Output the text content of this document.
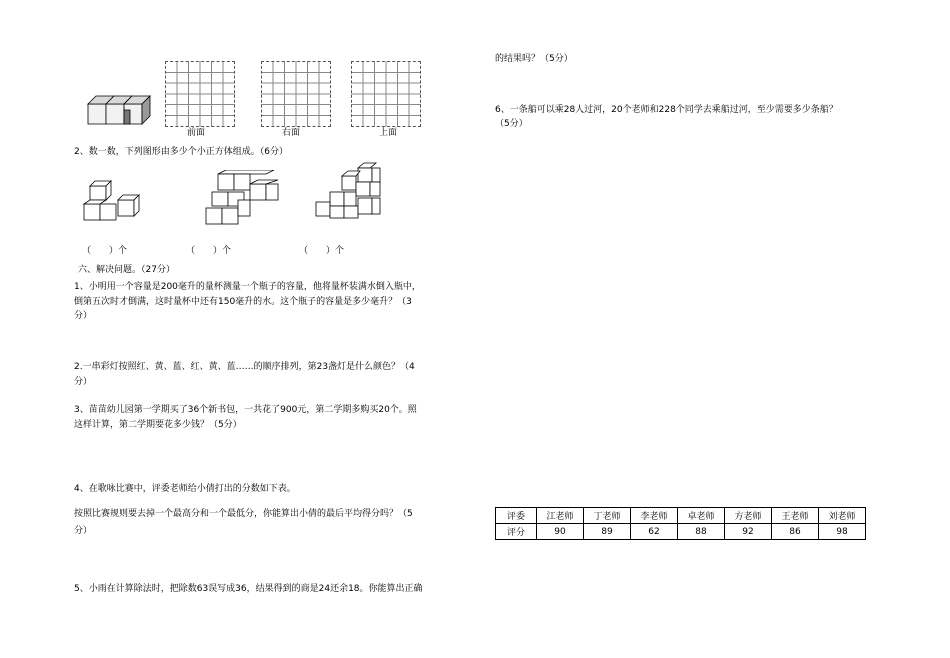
前面	右面	上面
2、数一数，下列图形由多少个小正方体组成。（6分）
（　　）个	（　　）个	（　　）个
六、解决问题。（27分）
1、小明用一个容量是200毫升的量杯测量一个瓶子的容量，他将量杯装满水倒入瓶中，
倒第五次时才倒满，这时量杯中还有150毫升的水。这个瓶子的容量是多少毫升？（3
分）
2.一串彩灯按照红、黄、蓝、红、黄、蓝……的顺序排列，第23盏灯是什么颜色？（4
分）
3、苗苗幼儿园第一学期买了36个新书包，一共花了900元，第二学期多购买20个。照
这样计算，第二学期要花多少钱？（5分）
4、在歌咏比赛中，评委老师给小倩打出的分数如下表。
按照比赛规则要去掉一个最高分和一个最低分，你能算出小倩的最后平均得分吗？（5
分）
5、小雨在计算除法时，把除数63误写成36，结果得到的商是24还余18。你能算出正确
的结果吗？（5分）
6、一条船可以乘28人过河，20个老师和228个同学去乘船过河，至少需要多少条船？
（5分）
评委	江老师	丁老师	李老师	卓老师	方老师	王老师	刘老师
评分	90	89	62	88	92	86	98
